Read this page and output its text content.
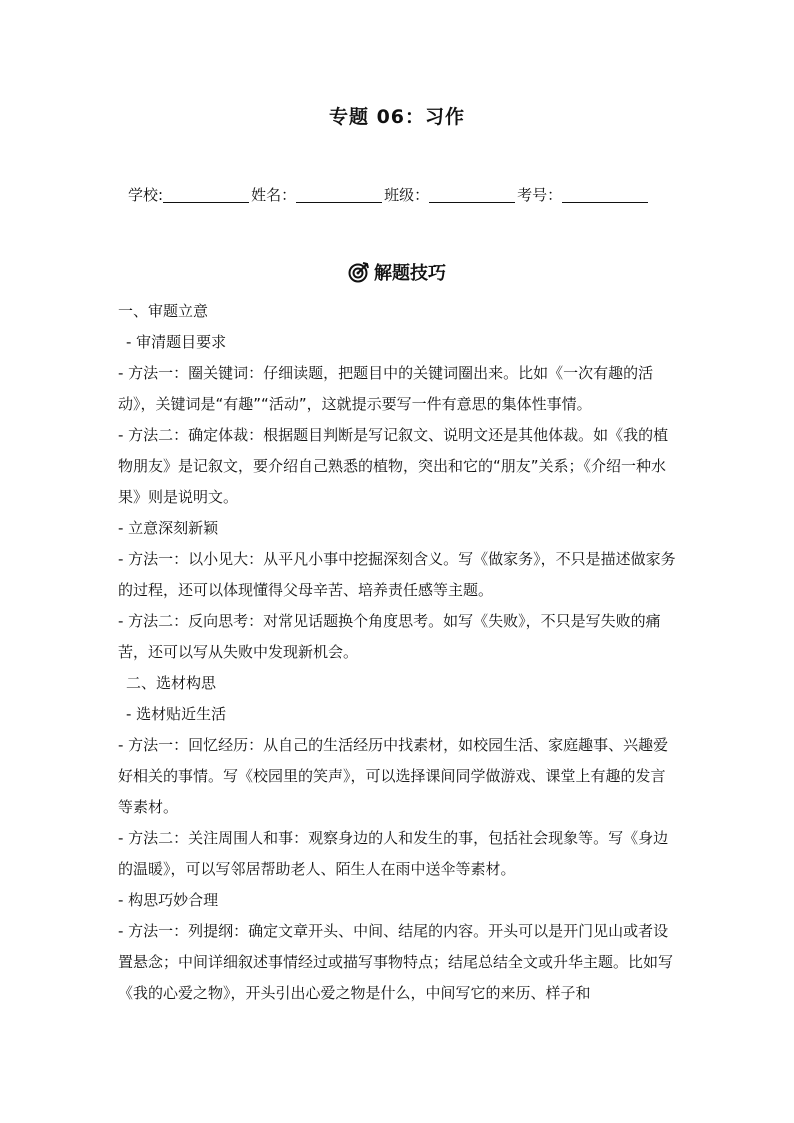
专题 06：习作
学校:	姓名：	班级：	考号：
解题技巧

一、审题立意

- 审清题目要求

- 方法一：圈关键词：仔细读题，把题目中的关键词圈出来。比如《一次有趣的活动》，关键词是“有趣”“活动”，这就提示要写一件有意思的集体性事情。

- 方法二：确定体裁：根据题目判断是写记叙文、说明文还是其他体裁。如《我的植物朋友》是记叙文，要介绍自己熟悉的植物，突出和它的“朋友”关系；《介绍一种水果》则是说明文。

- 立意深刻新颖

- 方法一：以小见大：从平凡小事中挖掘深刻含义。写《做家务》，不只是描述做家务的过程，还可以体现懂得父母辛苦、培养责任感等主题。

- 方法二：反向思考：对常见话题换个角度思考。如写《失败》，不只是写失败的痛苦，还可以写从失败中发现新机会。

二、选材构思

- 选材贴近生活

- 方法一：回忆经历：从自己的生活经历中找素材，如校园生活、家庭趣事、兴趣爱好相关的事情。写《校园里的笑声》，可以选择课间同学做游戏、课堂上有趣的发言等素材。

- 方法二：关注周围人和事：观察身边的人和发生的事，包括社会现象等。写《身边的温暖》，可以写邻居帮助老人、陌生人在雨中送伞等素材。

- 构思巧妙合理

- 方法一：列提纲：确定文章开头、中间、结尾的内容。开头可以是开门见山或者设置悬念；中间详细叙述事情经过或描写事物特点；结尾总结全文或升华主题。比如写《我的心爱之物》，开头引出心爱之物是什么，中间写它的来历、样子和
